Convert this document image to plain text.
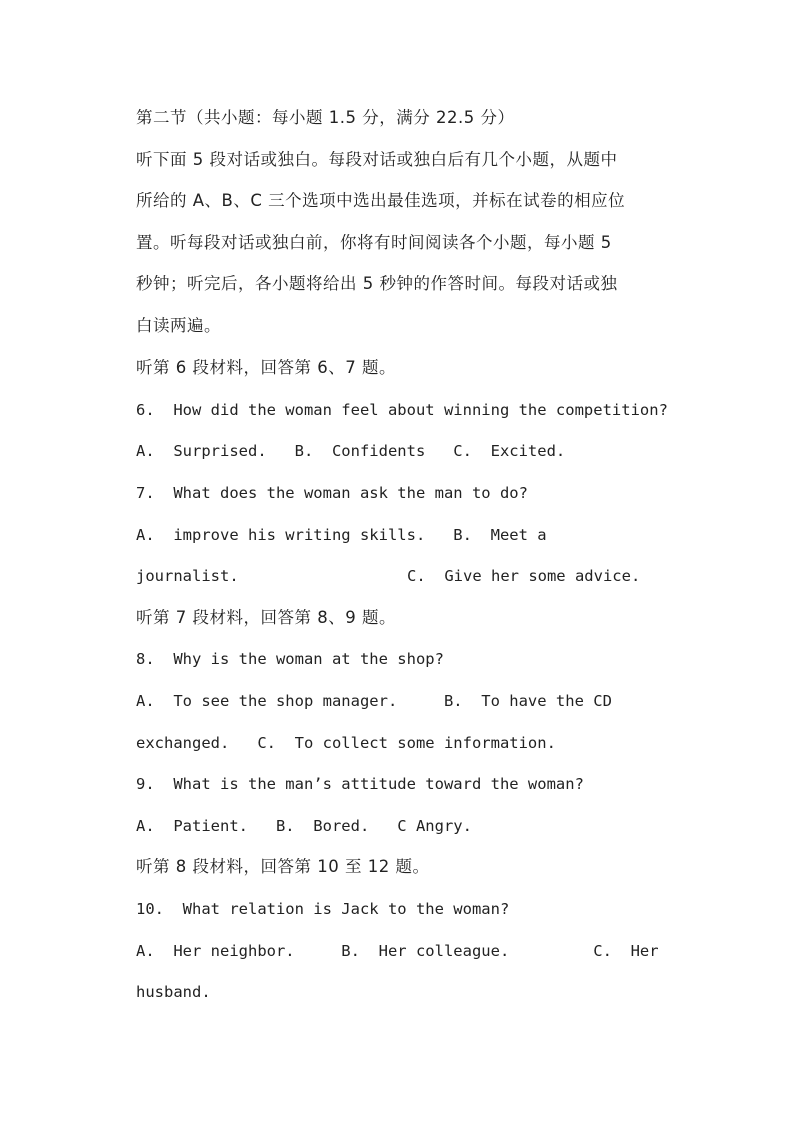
第二节（共小题：每小题 1.5 分，满分 22.5 分）
听下面 5 段对话或独白。每段对话或独白后有几个小题，从题中
所给的 A、B、C 三个选项中选出最佳选项，并标在试卷的相应位
置。听每段对话或独白前，你将有时间阅读各个小题，每小题 5
秒钟；听完后，各小题将给出 5 秒钟的作答时间。每段对话或独
白读两遍。
听第 6 段材料，回答第 6、7 题。
6.  How did the woman feel about winning the competition?
A.  Surprised.   B.  Confidents   C.  Excited.
7.  What does the woman ask the man to do?
A.  improve his writing skills.   B.  Meet a
journalist.	C.  Give her some advice.
听第 7 段材料，回答第 8、9 题。
8.  Why is the woman at the shop?
A.  To see the shop manager.     B.  To have the CD
exchanged.   C.  To collect some information.
9.  What is the man’s attitude toward the woman?
A.  Patient.   B.  Bored.   C Angry.
听第 8 段材料，回答第 10 至 12 题。
10.  What relation is Jack to the woman?
A.  Her neighbor.     B.  Her colleague.         C.  Her
husband.
